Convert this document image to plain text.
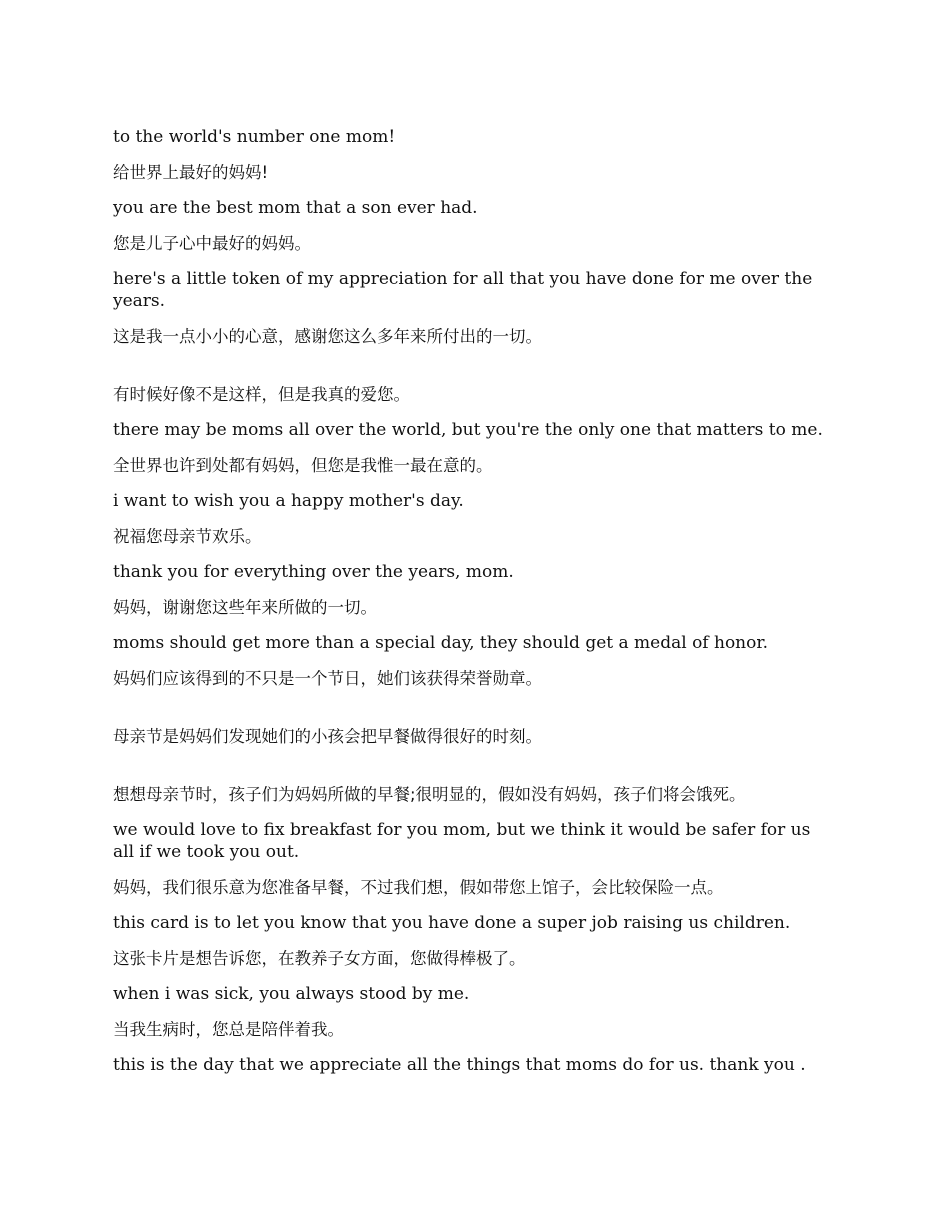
to the world's number one mom!

给世界上最好的妈妈!

you are the best mom that a son ever had.

您是儿子心中最好的妈妈。

here's a little token of my appreciation for all that you have done for me over the years.

这是我一点小小的心意，感谢您这么多年来所付出的一切。

有时候好像不是这样，但是我真的爱您。

there may be moms all over the world, but you're the only one that matters to me.

全世界也许到处都有妈妈，但您是我惟一最在意的。

i want to wish you a happy mother's day.

祝福您母亲节欢乐。

thank you for everything over the years, mom.

妈妈，谢谢您这些年来所做的一切。

moms should get more than a special day, they should get a medal of honor.

妈妈们应该得到的不只是一个节日，她们该获得荣誉勋章。

母亲节是妈妈们发现她们的小孩会把早餐做得很好的时刻。

想想母亲节时，孩子们为妈妈所做的早餐;很明显的，假如没有妈妈，孩子们将会饿死。

we would love to fix breakfast for you mom, but we think it would be safer for us all if we took you out.

妈妈，我们很乐意为您准备早餐，不过我们想，假如带您上馆子，会比较保险一点。

this card is to let you know that you have done a super job raising us children.

这张卡片是想告诉您，在教养子女方面，您做得棒极了。

when i was sick, you always stood by me.

当我生病时，您总是陪伴着我。

this is the day that we appreciate all the things that moms do for us. thank you .
